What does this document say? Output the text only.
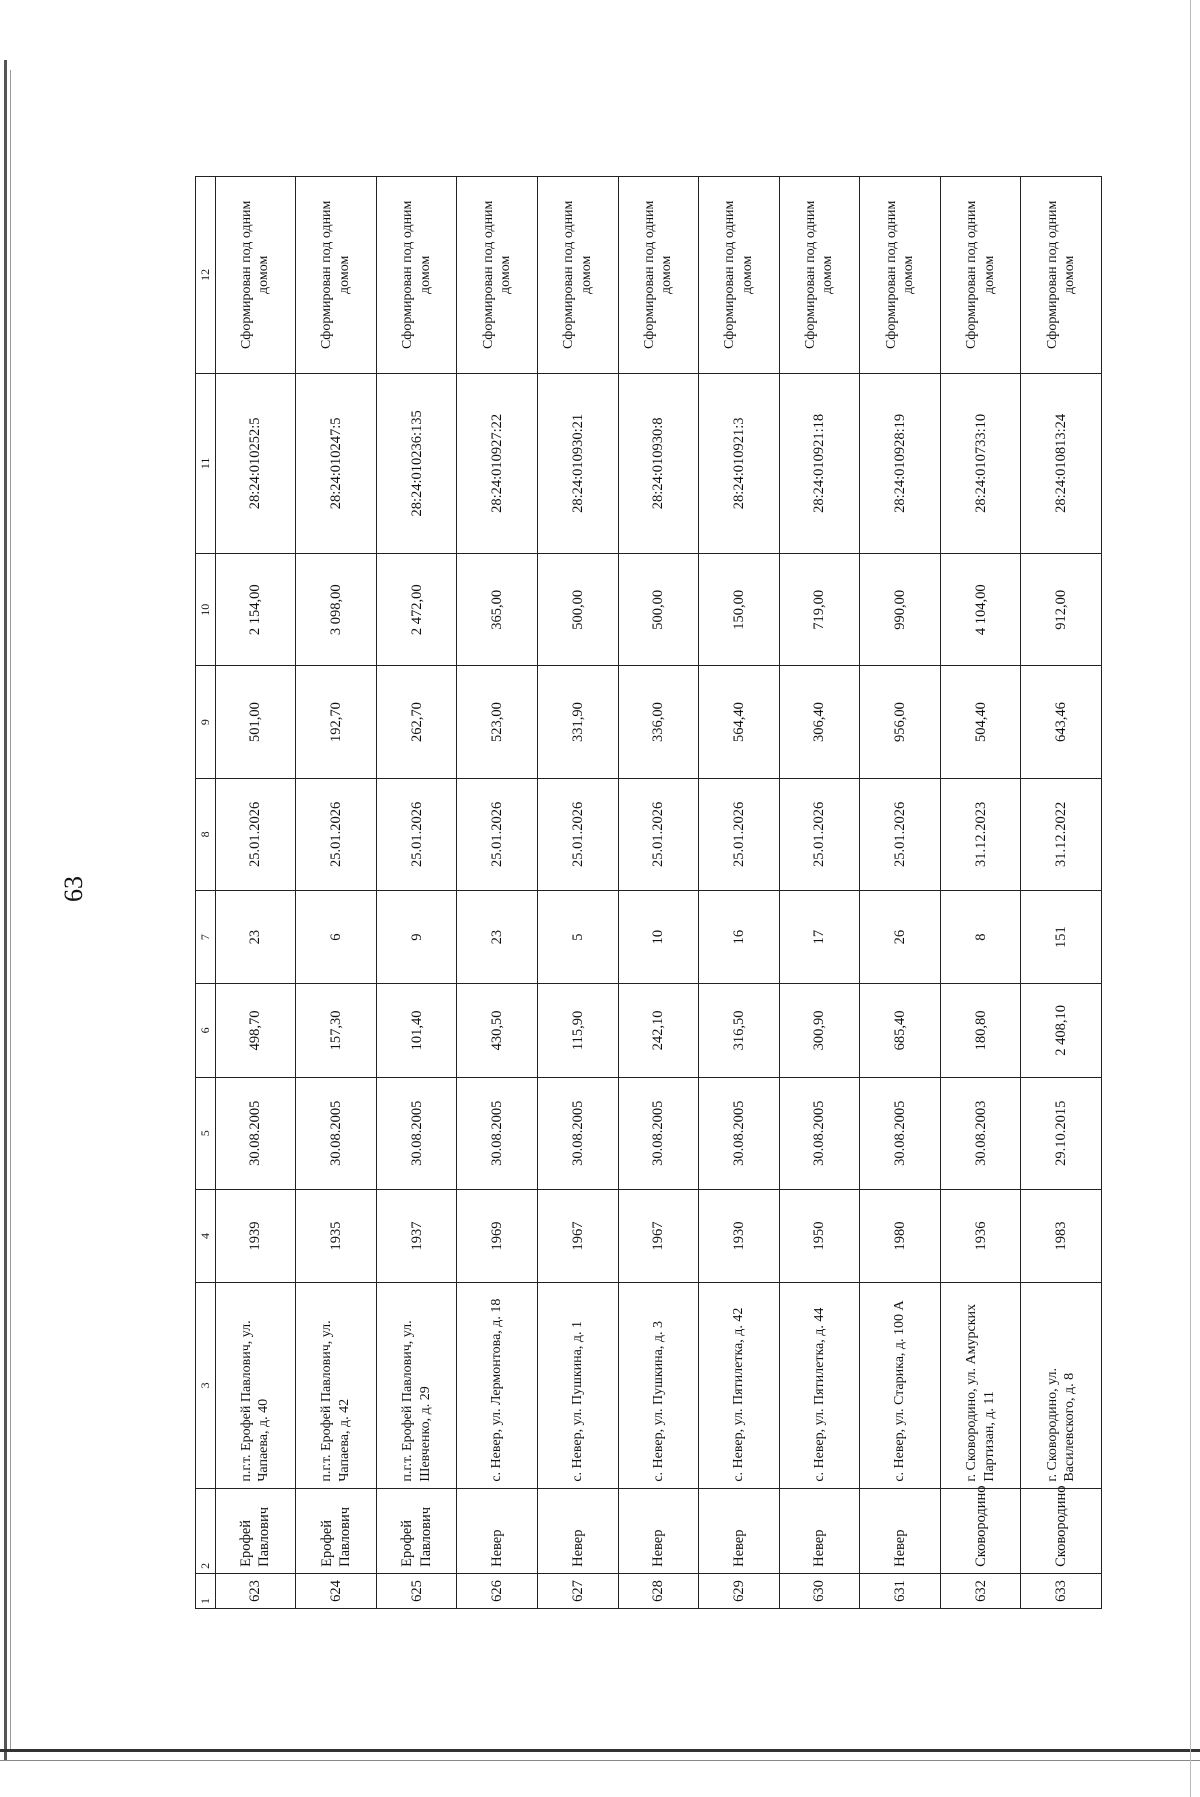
63
1	2	3	4	5	6	7	8	9	10	11	12
623	Ерофей Павлович	п.г.т. Ерофей Павлович, ул. Чапаева, д. 40	1939	30.08.2005	498,70	23	25.01.2026	501,00	2 154,00	28:24:010252:5	Сформирован под одним домом
624	Ерофей Павлович	п.г.т. Ерофей Павлович, ул. Чапаева, д. 42	1935	30.08.2005	157,30	6	25.01.2026	192,70	3 098,00	28:24:010247:5	Сформирован под одним домом
625	Ерофей Павлович	п.г.т. Ерофей Павлович, ул. Шевченко, д. 29	1937	30.08.2005	101,40	9	25.01.2026	262,70	2 472,00	28:24:010236:135	Сформирован под одним домом
626	Невер	с. Невер, ул. Лермонтова, д. 18	1969	30.08.2005	430,50	23	25.01.2026	523,00	365,00	28:24:010927:22	Сформирован под одним домом
627	Невер	с. Невер, ул. Пушкина, д. 1	1967	30.08.2005	115,90	5	25.01.2026	331,90	500,00	28:24:010930:21	Сформирован под одним домом
628	Невер	с. Невер, ул. Пушкина, д. 3	1967	30.08.2005	242,10	10	25.01.2026	336,00	500,00	28:24:010930:8	Сформирован под одним домом
629	Невер	с. Невер, ул. Пятилетка, д. 42	1930	30.08.2005	316,50	16	25.01.2026	564,40	150,00	28:24:010921:3	Сформирован под одним домом
630	Невер	с. Невер, ул. Пятилетка, д. 44	1950	30.08.2005	300,90	17	25.01.2026	306,40	719,00	28:24:010921:18	Сформирован под одним домом
631	Невер	с. Невер, ул. Старика, д. 100 А	1980	30.08.2005	685,40	26	25.01.2026	956,00	990,00	28:24:010928:19	Сформирован под одним домом
632	Сковородино	г. Сковородино, ул. Амурских Партизан, д. 11	1936	30.08.2003	180,80	8	31.12.2023	504,40	4 104,00	28:24:010733:10	Сформирован под одним домом
633	Сковородино	г. Сковородино, ул. Василевского, д. 8	1983	29.10.2015	2 408,10	151	31.12.2022	643,46	912,00	28:24:010813:24	Сформирован под одним домом
